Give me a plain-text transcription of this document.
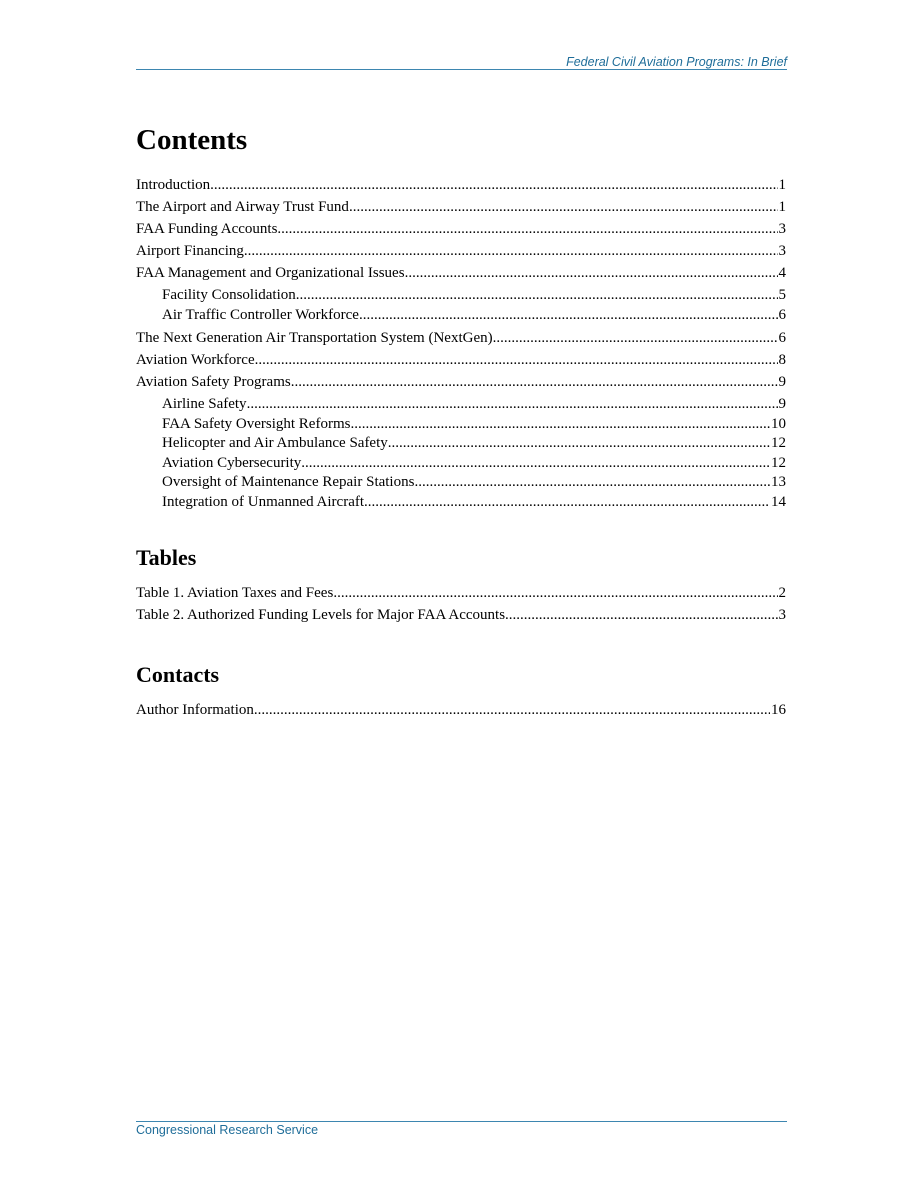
Federal Civil Aviation Programs: In Brief
Contents
Introduction .....	1
The Airport and Airway Trust Fund .....	1
FAA Funding Accounts .....	3
Airport Financing .....	3
FAA Management and Organizational Issues .....	4
Facility Consolidation .....	5
Air Traffic Controller Workforce .....	6
The Next Generation Air Transportation System (NextGen) .....	6
Aviation Workforce .....	8
Aviation Safety Programs .....	9
Airline Safety .....	9
FAA Safety Oversight Reforms .....	10
Helicopter and Air Ambulance Safety .....	12
Aviation Cybersecurity .....	12
Oversight of Maintenance Repair Stations .....	13
Integration of Unmanned Aircraft .....	14
Tables
Table 1. Aviation Taxes and Fees .....	2
Table 2. Authorized Funding Levels for Major FAA Accounts .....	3
Contacts
Author Information .....	16
Congressional Research Service
